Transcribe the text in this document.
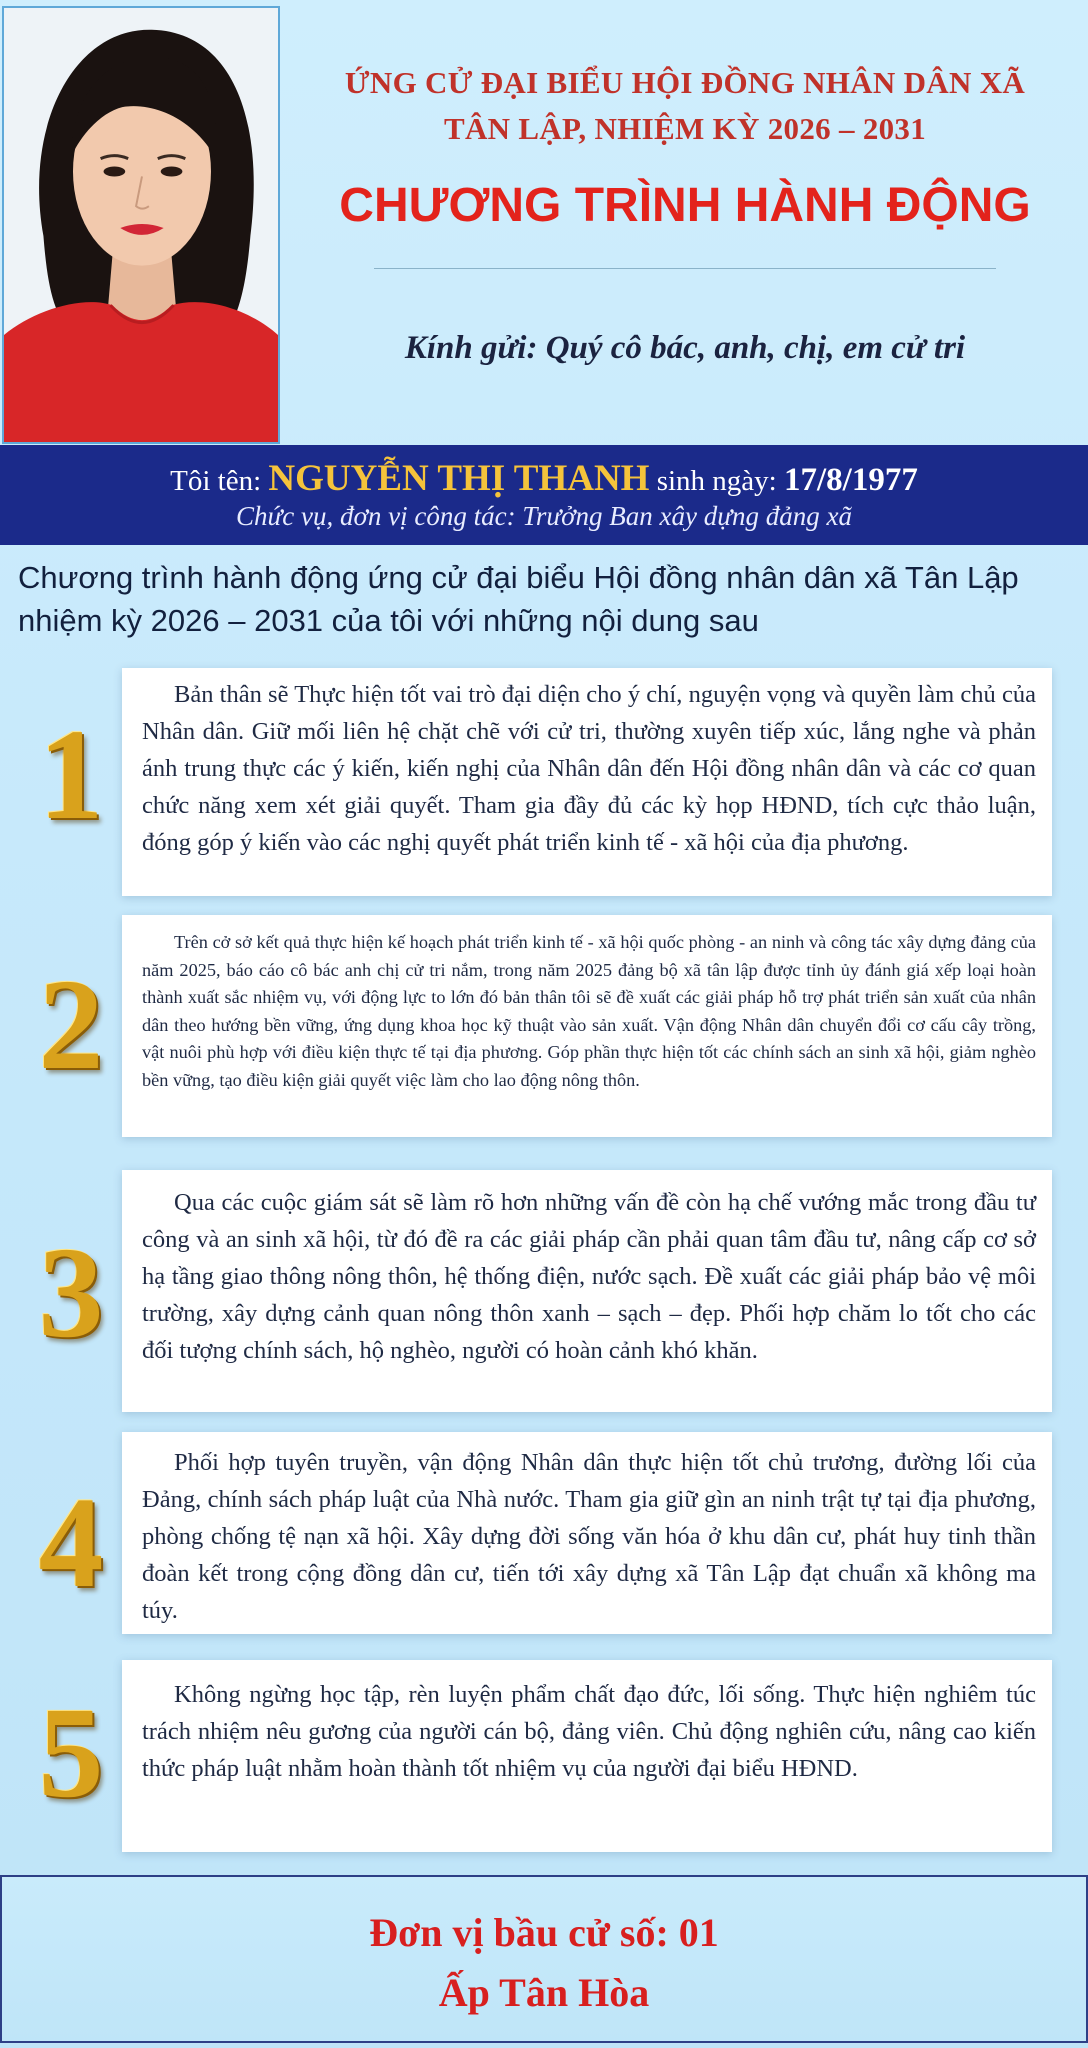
ỨNG CỬ ĐẠI BIỂU HỘI ĐỒNG NHÂN DÂN XÃ
TÂN LẬP, NHIỆM KỲ 2026 – 2031
CHƯƠNG TRÌNH HÀNH ĐỘNG
Kính gửi: Quý cô bác, anh, chị, em cử tri
Tôi tên: NGUYỄN THỊ THANH sinh ngày: 17/8/1977
Chức vụ, đơn vị công tác: Trưởng Ban xây dựng đảng xã
Chương trình hành động ứng cử đại biểu Hội đồng nhân dân xã Tân Lập nhiệm kỳ 2026 – 2031 của tôi với những nội dung sau
1

Bản thân sẽ Thực hiện tốt vai trò đại diện cho ý chí, nguyện vọng và quyền làm chủ của Nhân dân. Giữ mối liên hệ chặt chẽ với cử tri, thường xuyên tiếp xúc, lắng nghe và phản ánh trung thực các ý kiến, kiến nghị của Nhân dân đến Hội đồng nhân dân và các cơ quan chức năng xem xét giải quyết. Tham gia đầy đủ các kỳ họp HĐND, tích cực thảo luận, đóng góp ý kiến vào các nghị quyết phát triển kinh tế - xã hội của địa phương.

2

Trên cở sở kết quả thực hiện kế hoạch phát triển kinh tế - xã hội quốc phòng - an ninh và công tác xây dựng đảng của năm 2025, báo cáo cô bác anh chị cử tri nắm, trong năm 2025 đảng bộ xã tân lập được tỉnh ủy đánh giá xếp loại hoàn thành xuất sắc nhiệm vụ, với động lực to lớn đó bản thân tôi sẽ đề xuất các giải pháp hỗ trợ phát triển sản xuất của nhân dân theo hướng bền vững, ứng dụng khoa học kỹ thuật vào sản xuất. Vận động Nhân dân chuyển đổi cơ cấu cây trồng, vật nuôi phù hợp với điều kiện thực tế tại địa phương. Góp phần thực hiện tốt các chính sách an sinh xã hội, giảm nghèo bền vững, tạo điều kiện giải quyết việc làm cho lao động nông thôn.

3

Qua các cuộc giám sát sẽ làm rõ hơn những vấn đề còn hạ chế vướng mắc trong đầu tư công và an sinh xã hội, từ đó đề ra các giải pháp cần phải quan tâm đầu tư, nâng cấp cơ sở hạ tầng giao thông nông thôn, hệ thống điện, nước sạch. Đề xuất các giải pháp bảo vệ môi trường, xây dựng cảnh quan nông thôn xanh – sạch – đẹp. Phối hợp chăm lo tốt cho các đối tượng chính sách, hộ nghèo, người có hoàn cảnh khó khăn.

4

Phối hợp tuyên truyền, vận động Nhân dân thực hiện tốt chủ trương, đường lối của Đảng, chính sách pháp luật của Nhà nước. Tham gia giữ gìn an ninh trật tự tại địa phương, phòng chống tệ nạn xã hội. Xây dựng đời sống văn hóa ở khu dân cư, phát huy tinh thần đoàn kết trong cộng đồng dân cư, tiến tới xây dựng xã Tân Lập đạt chuẩn xã không ma túy.

5	Không ngừng học tập, rèn luyện phẩm chất đạo đức, lối sống. Thực hiện nghiêm túc trách nhiệm nêu gương của người cán bộ, đảng viên. Chủ động nghiên cứu, nâng cao kiến thức pháp luật nhằm hoàn thành tốt nhiệm vụ của người đại biểu HĐND.

Đơn vị bầu cử số: 01
Ấp Tân Hòa
